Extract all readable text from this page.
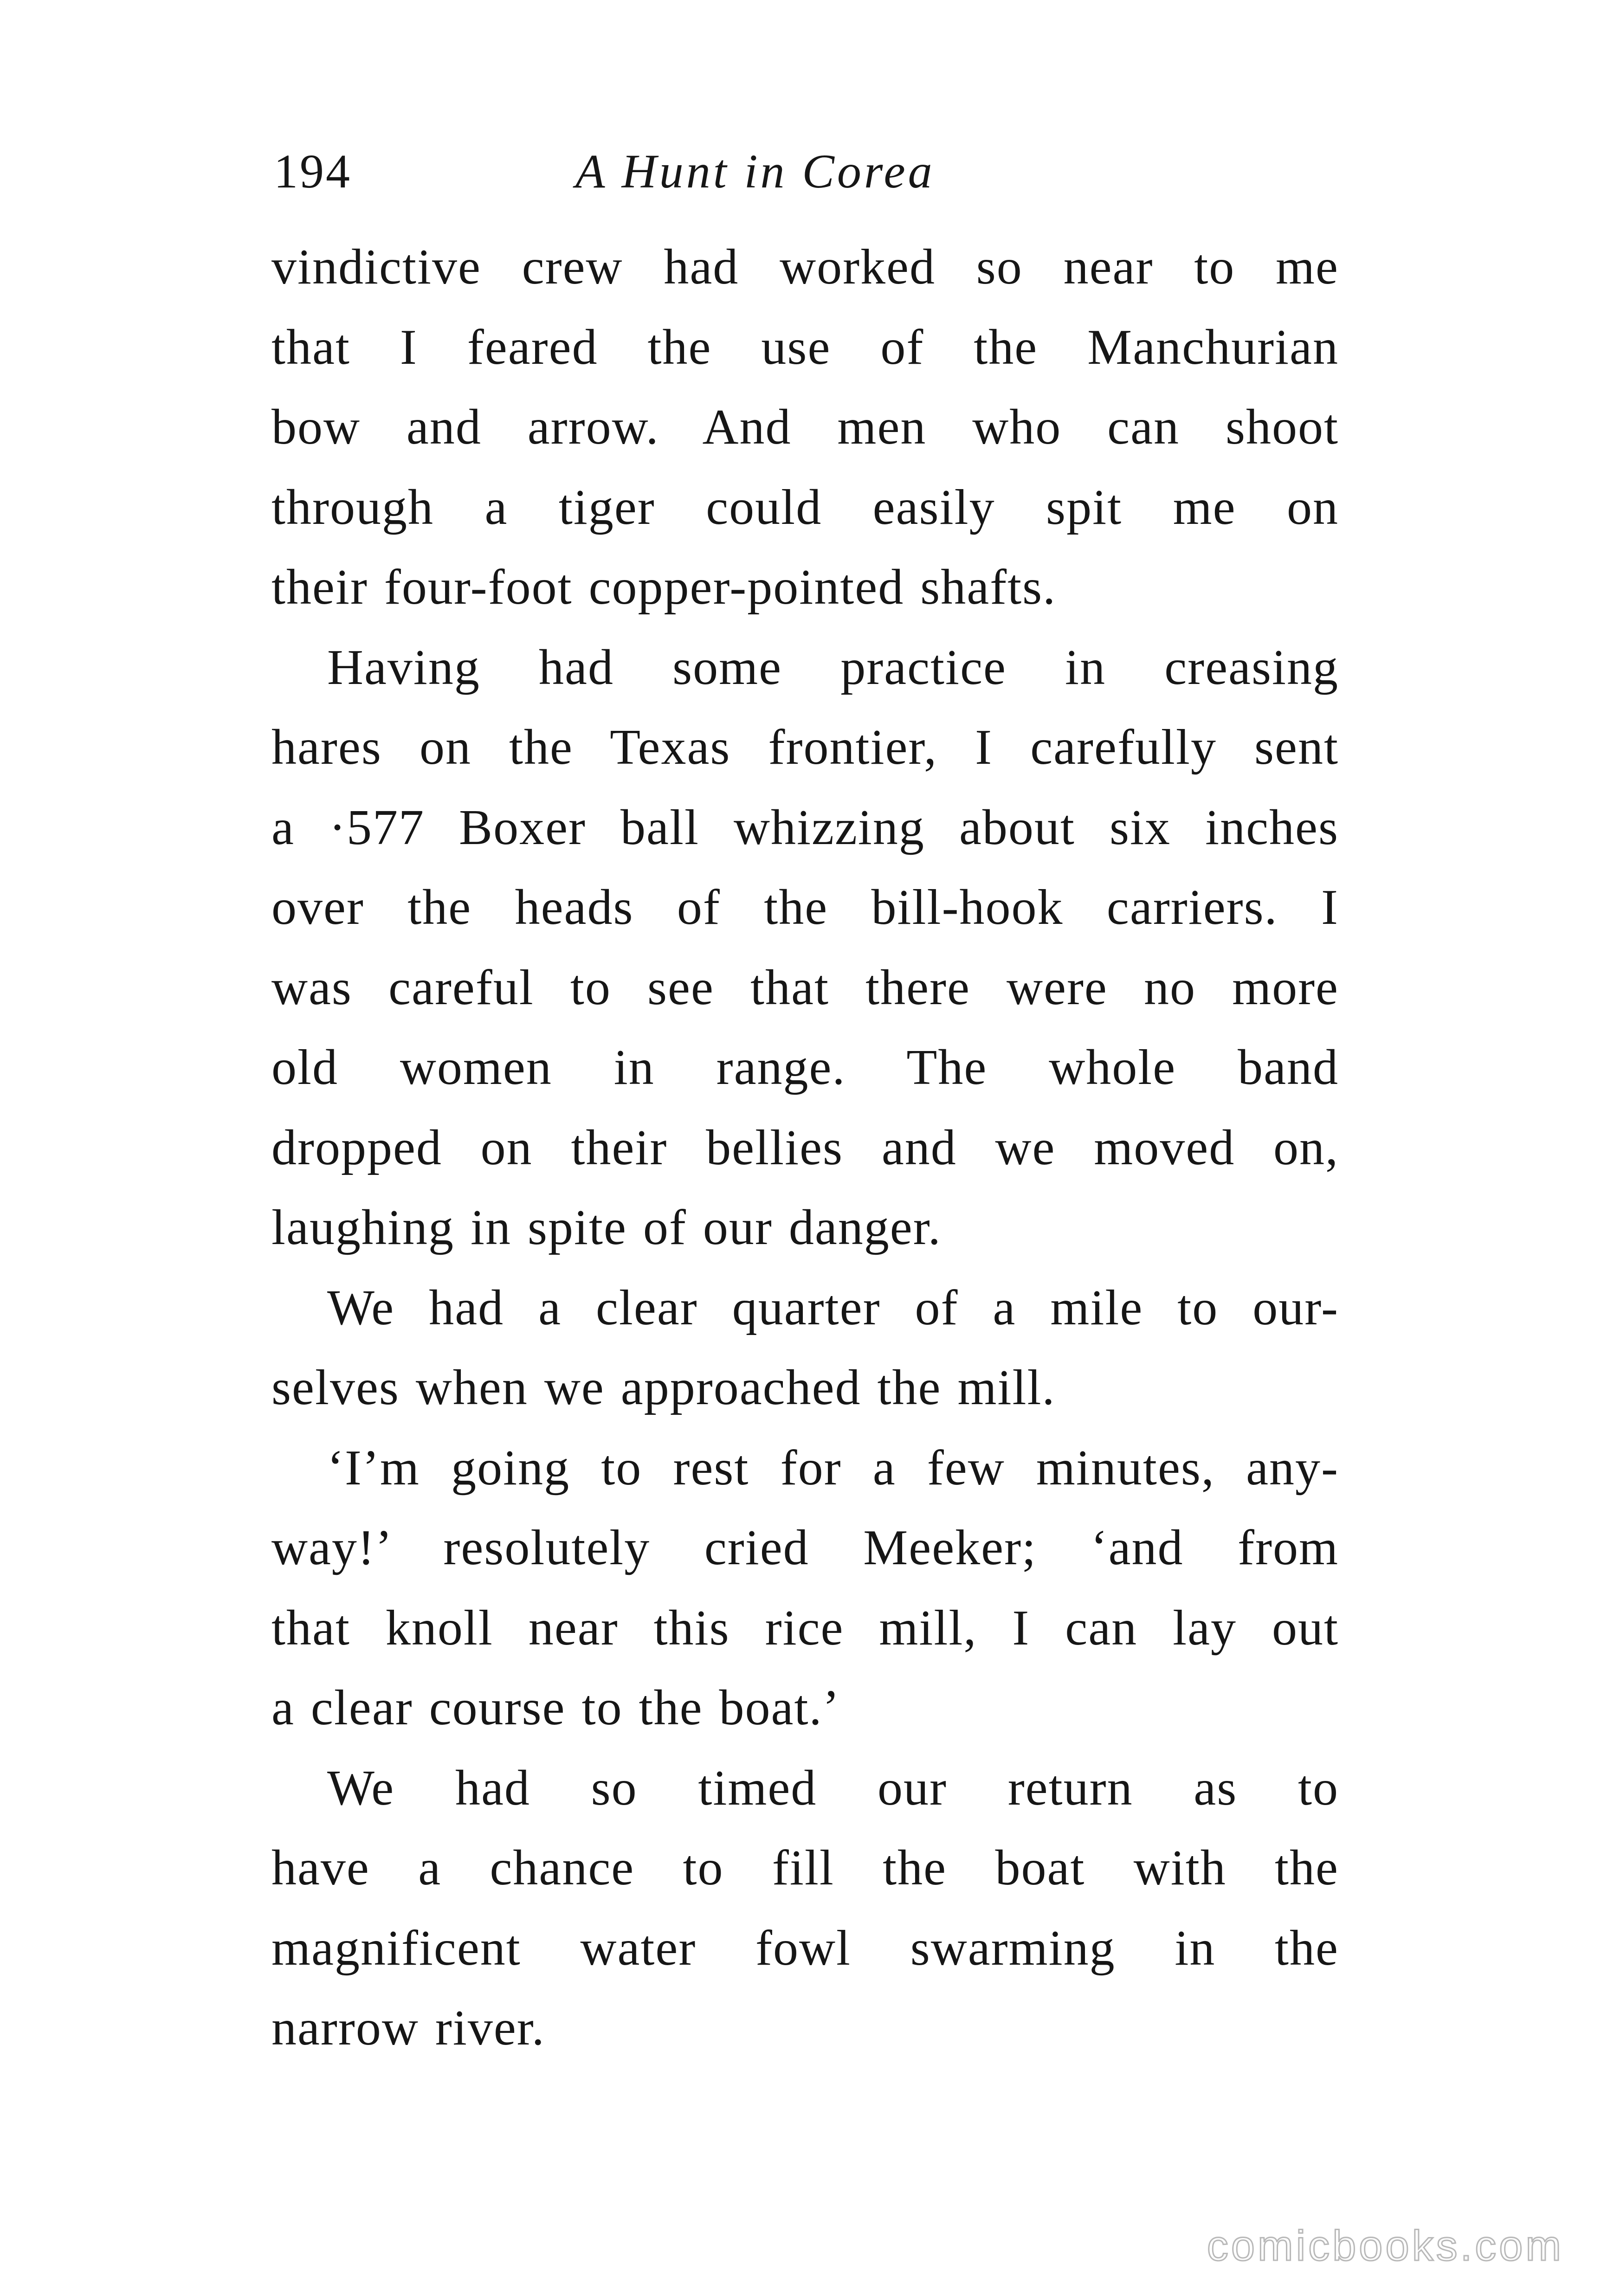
194	A Hunt in Corea

vindictive crew had worked so near to me
that I feared the use of the Manchurian
bow and arrow. And men who can shoot
through a tiger could easily spit me on
their four-foot copper-pointed shafts.

Having had some practice in creasing
hares on the Texas frontier, I carefully sent
a ·577 Boxer ball whizzing about six inches
over the heads of the bill-hook carriers. I
was careful to see that there were no more
old women in range. The whole band
dropped on their bellies and we moved on,
laughing in spite of our danger.

We had a clear quarter of a mile to our-
selves when we approached the mill.

‘I’m going to rest for a few minutes, any-
way!’ resolutely cried Meeker; ‘and from
that knoll near this rice mill, I can lay out
a clear course to the boat.’

We had so timed our return as to
have a chance to fill the boat with the
magnificent water fowl swarming in the
narrow river.

comicbooks.com
